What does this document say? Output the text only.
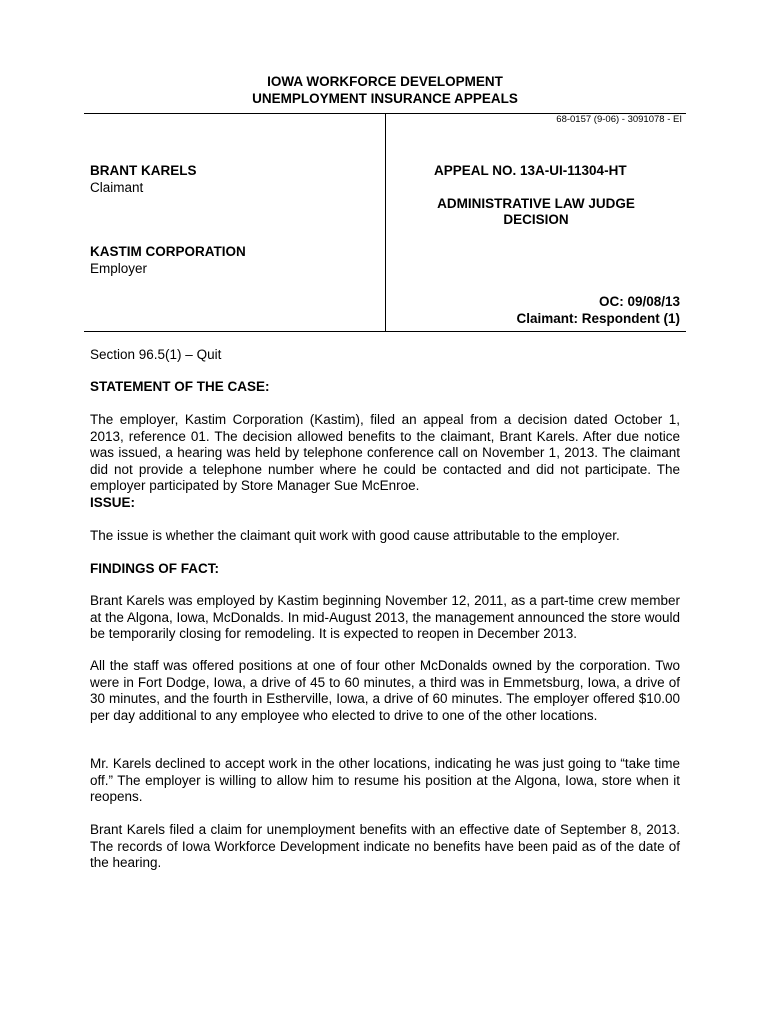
IOWA WORKFORCE DEVELOPMENT
UNEMPLOYMENT INSURANCE APPEALS
68-0157 (9-06) - 3091078 - EI
BRANT KARELS
Claimant
KASTIM CORPORATION
Employer
APPEAL NO. 13A-UI-11304-HT
ADMINISTRATIVE LAW JUDGE
DECISION
OC: 09/08/13
Claimant: Respondent (1)
Section 96.5(1) – Quit
STATEMENT OF THE CASE:

The employer, Kastim Corporation (Kastim), filed an appeal from a decision dated October 1, 2013, reference 01. The decision allowed benefits to the claimant, Brant Karels. After due notice was issued, a hearing was held by telephone conference call on November 1, 2013. The claimant did not provide a telephone number where he could be contacted and did not participate. The employer participated by Store Manager Sue McEnroe.

ISSUE:

The issue is whether the claimant quit work with good cause attributable to the employer.

FINDINGS OF FACT:

Brant Karels was employed by Kastim beginning November 12, 2011, as a part-time crew member at the Algona, Iowa, McDonalds. In mid-August 2013, the management announced the store would be temporarily closing for remodeling. It is expected to reopen in December 2013.

All the staff was offered positions at one of four other McDonalds owned by the corporation. Two were in Fort Dodge, Iowa, a drive of 45 to 60 minutes, a third was in Emmetsburg, Iowa, a drive of 30 minutes, and the fourth in Estherville, Iowa, a drive of 60 minutes. The employer offered $10.00 per day additional to any employee who elected to drive to one of the other locations.

Mr. Karels declined to accept work in the other locations, indicating he was just going to “take time off.” The employer is willing to allow him to resume his position at the Algona, Iowa, store when it reopens.

Brant Karels filed a claim for unemployment benefits with an effective date of September 8, 2013. The records of Iowa Workforce Development indicate no benefits have been paid as of the date of the hearing.
